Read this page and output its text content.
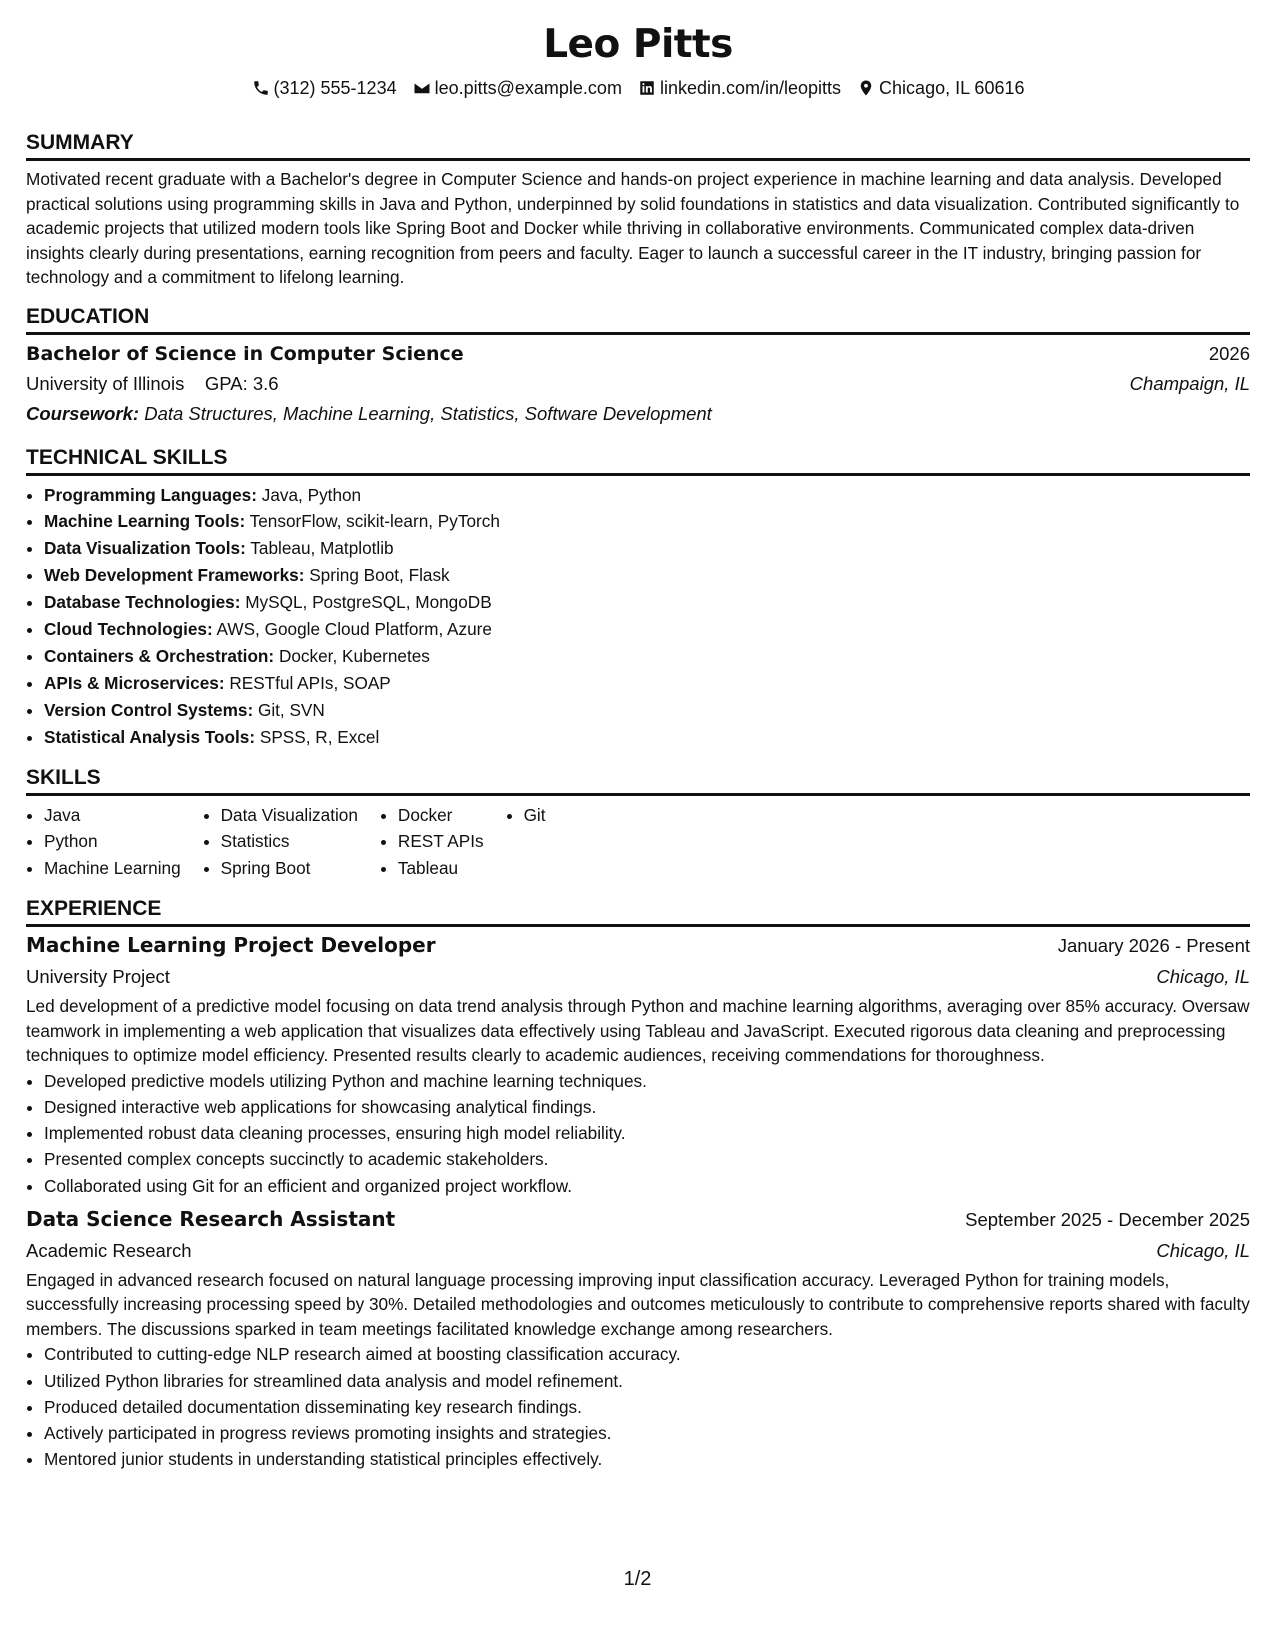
Leo Pitts
(312) 555-1234 leo.pitts@example.com linkedin.com/in/leopitts Chicago, IL 60616
SUMMARY

Motivated recent graduate with a Bachelor's degree in Computer Science and hands-on project experience in machine learning and data analysis. Developed practical solutions using programming skills in Java and Python, underpinned by solid foundations in statistics and data visualization. Contributed significantly to academic projects that utilized modern tools like Spring Boot and Docker while thriving in collaborative environments. Communicated complex data-driven insights clearly during presentations, earning recognition from peers and faculty. Eager to launch a successful career in the IT industry, bringing passion for technology and a commitment to lifelong learning.

EDUCATION
Bachelor of Science in Computer Science	2026
University of Illinois GPA: 3.6	Champaign, IL
Coursework: Data Structures, Machine Learning, Statistics, Software Development
TECHNICAL SKILLS
• Programming Languages: Java, Python
• Machine Learning Tools: TensorFlow, scikit-learn, PyTorch
• Data Visualization Tools: Tableau, Matplotlib
• Web Development Frameworks: Spring Boot, Flask
• Database Technologies: MySQL, PostgreSQL, MongoDB
• Cloud Technologies: AWS, Google Cloud Platform, Azure
• Containers & Orchestration: Docker, Kubernetes
• APIs & Microservices: RESTful APIs, SOAP
• Version Control Systems: Git, SVN
• Statistical Analysis Tools: SPSS, R, Excel
SKILLS
• Java
• Python
• Machine Learning
• Data Visualization
• Statistics
• Spring Boot
• Docker
• REST APIs
• Tableau
• Git
EXPERIENCE
Machine Learning Project Developer	January 2026 - Present
University Project	Chicago, IL

Led development of a predictive model focusing on data trend analysis through Python and machine learning algorithms, averaging over 85% accuracy. Oversaw teamwork in implementing a web application that visualizes data effectively using Tableau and JavaScript. Executed rigorous data cleaning and preprocessing techniques to optimize model efficiency. Presented results clearly to academic audiences, receiving commendations for thoroughness.

• Developed predictive models utilizing Python and machine learning techniques.
• Designed interactive web applications for showcasing analytical findings.
• Implemented robust data cleaning processes, ensuring high model reliability.
• Presented complex concepts succinctly to academic stakeholders.
• Collaborated using Git for an efficient and organized project workflow.
Data Science Research Assistant	September 2025 - December 2025
Academic Research	Chicago, IL

Engaged in advanced research focused on natural language processing improving input classification accuracy. Leveraged Python for training models, successfully increasing processing speed by 30%. Detailed methodologies and outcomes meticulously to contribute to comprehensive reports shared with faculty members. The discussions sparked in team meetings facilitated knowledge exchange among researchers.

• Contributed to cutting-edge NLP research aimed at boosting classification accuracy.
• Utilized Python libraries for streamlined data analysis and model refinement.
• Produced detailed documentation disseminating key research findings.
• Actively participated in progress reviews promoting insights and strategies.
• Mentored junior students in understanding statistical principles effectively.
1/2
